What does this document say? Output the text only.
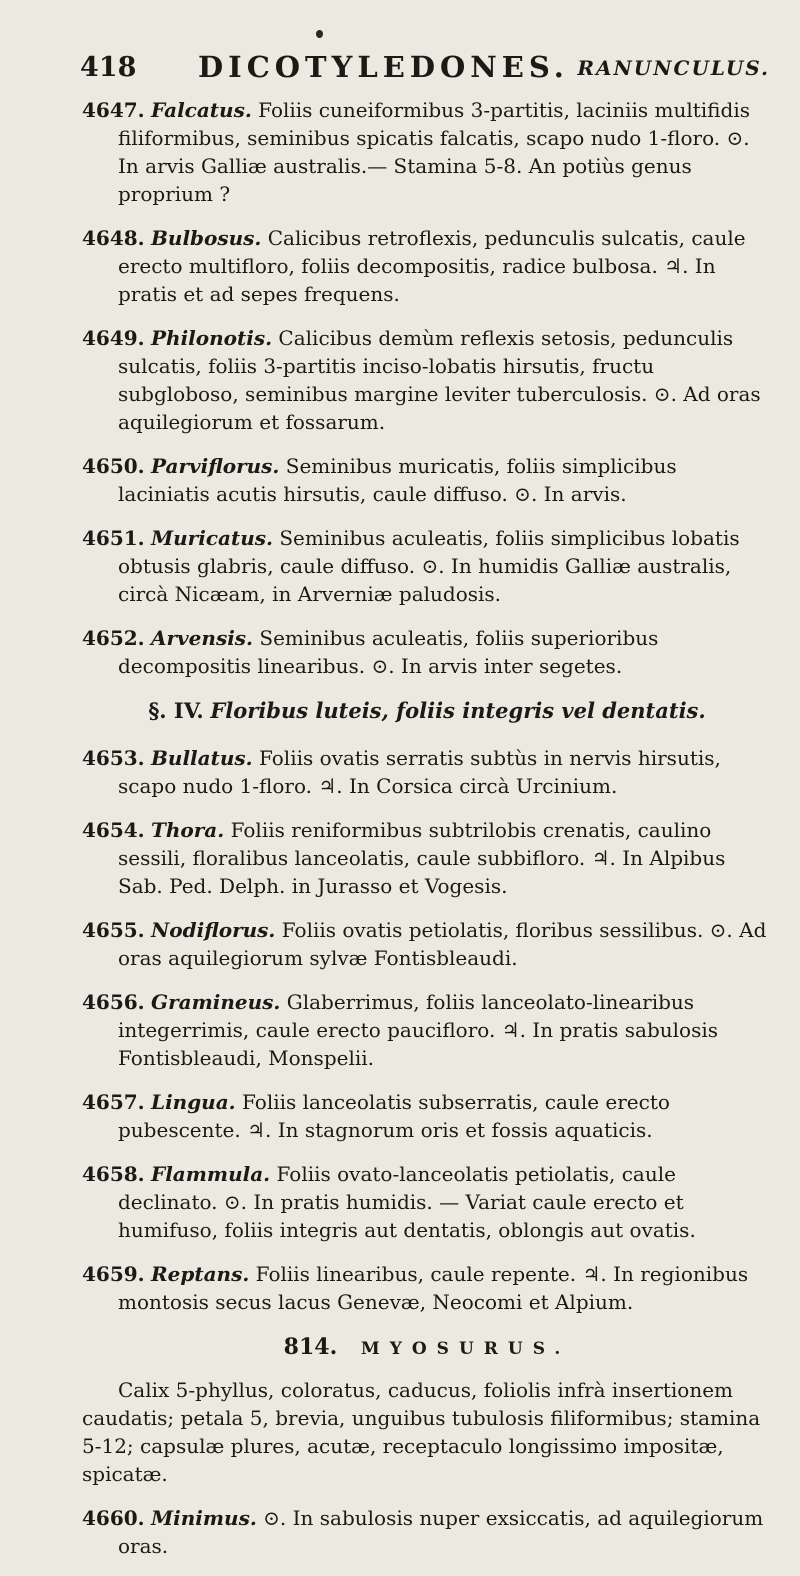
418 DICOTYLEDONES. RANUNCULUS.

4647. Falcatus. Foliis cuneiformibus 3-partitis, laciniis multifidis filiformibus, seminibus spicatis falcatis, scapo nudo 1-floro. ⊙. In arvis Galliæ australis.— Stamina 5-8. An potiùs genus proprium ?

4648. Bulbosus. Calicibus retroflexis, pedunculis sulcatis, caule erecto multifloro, foliis decompositis, radice bulbosa. ♃. In pratis et ad sepes frequens.

4649. Philonotis. Calicibus demùm reflexis setosis, pedunculis sulcatis, foliis 3-partitis inciso-lobatis hirsutis, fructu subgloboso, seminibus margine leviter tuberculosis. ⊙. Ad oras aquilegiorum et fossarum.

4650. Parviflorus. Seminibus muricatis, foliis simplicibus laciniatis acutis hirsutis, caule diffuso. ⊙. In arvis.

4651. Muricatus. Seminibus aculeatis, foliis simplicibus lobatis obtusis glabris, caule diffuso. ⊙. In humidis Galliæ australis, circà Nicæam, in Arverniæ paludosis.

4652. Arvensis. Seminibus aculeatis, foliis superioribus decompositis linearibus. ⊙. In arvis inter segetes.

§. IV. Floribus luteis, foliis integris vel dentatis.

4653. Bullatus. Foliis ovatis serratis subtùs in nervis hirsutis, scapo nudo 1-floro. ♃. In Corsica circà Urcinium.

4654. Thora. Foliis reniformibus subtrilobis crenatis, caulino sessili, floralibus lanceolatis, caule subbifloro. ♃. In Alpibus Sab. Ped. Delph. in Jurasso et Vogesis.

4655. Nodiflorus. Foliis ovatis petiolatis, floribus sessilibus. ⊙. Ad oras aquilegiorum sylvæ Fontisbleaudi.

4656. Gramineus. Glaberrimus, foliis lanceolato-linearibus integerrimis, caule erecto paucifloro. ♃. In pratis sabulosis Fontisbleaudi, Monspelii.

4657. Lingua. Foliis lanceolatis subserratis, caule erecto pubescente. ♃. In stagnorum oris et fossis aquaticis.

4658. Flammula. Foliis ovato-lanceolatis petiolatis, caule declinato. ⊙. In pratis humidis. — Variat caule erecto et humifuso, foliis integris aut dentatis, oblongis aut ovatis.

4659. Reptans. Foliis linearibus, caule repente. ♃. In regionibus montosis secus lacus Genevæ, Neocomi et Alpium.

814. MYOSURUS.

Calix 5-phyllus, coloratus, caducus, foliolis infrà insertionem caudatis; petala 5, brevia, unguibus tubulosis filiformibus; stamina 5-12; capsulæ plures, acutæ, receptaculo longissimo impositæ, spicatæ.

4660. Minimus. ⊙. In sabulosis nuper exsiccatis, ad aquilegiorum oras.
